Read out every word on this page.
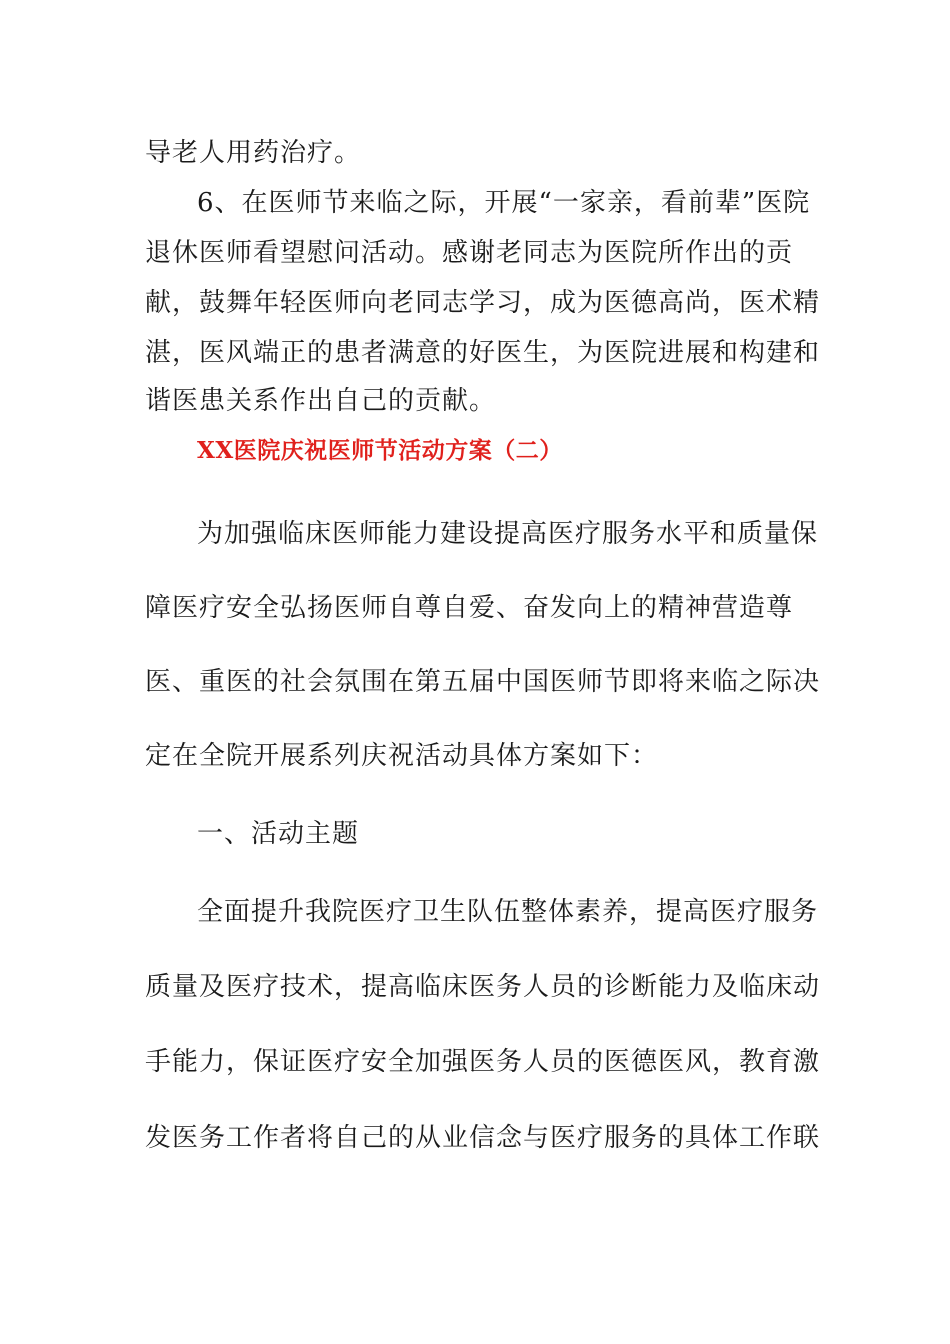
导老人用药治疗。
6、在医师节来临之际，开展“一家亲，看前辈”医院
退休医师看望慰问活动。感谢老同志为医院所作出的贡
献，鼓舞年轻医师向老同志学习，成为医德高尚，医术精
湛，医风端正的患者满意的好医生，为医院进展和构建和
谐医患关系作出自己的贡献。
XX医院庆祝医师节活动方案（二）
为加强临床医师能力建设提高医疗服务水平和质量保
障医疗安全弘扬医师自尊自爱、奋发向上的精神营造尊
医、重医的社会氛围在第五届中国医师节即将来临之际决
定在全院开展系列庆祝活动具体方案如下：
一、活动主题
全面提升我院医疗卫生队伍整体素养，提高医疗服务
质量及医疗技术，提高临床医务人员的诊断能力及临床动
手能力，保证医疗安全加强医务人员的医德医风，教育激
发医务工作者将自己的从业信念与医疗服务的具体工作联
